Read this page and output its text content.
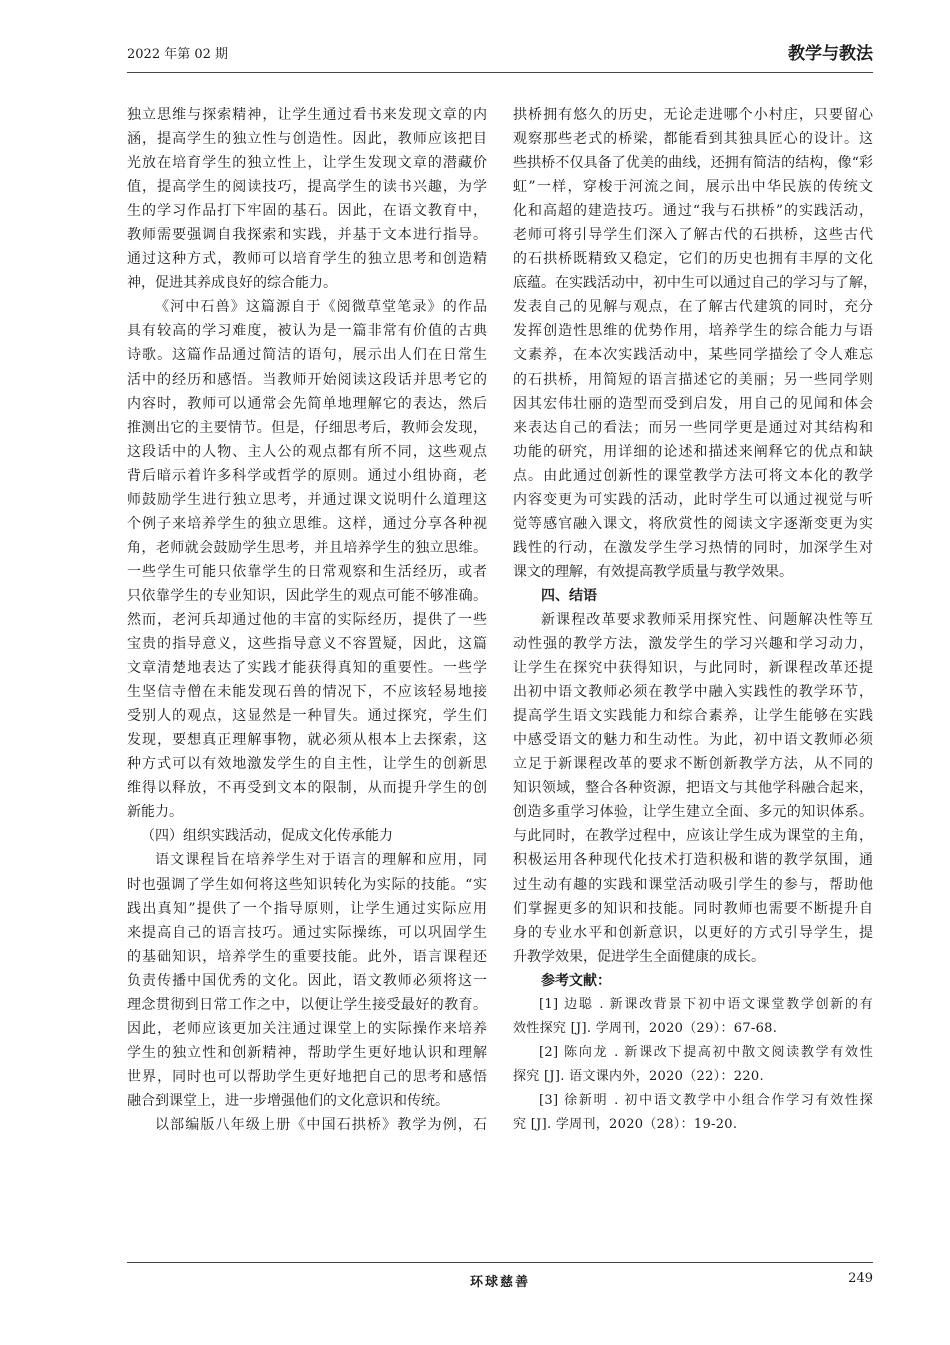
2022 年第 02 期	教学与教法
独立思维与探索精神，让学生通过看书来发现文章的内
涵，提高学生的独立性与创造性。因此，教师应该把目
光放在培育学生的独立性上，让学生发现文章的潜藏价
值，提高学生的阅读技巧，提高学生的读书兴趣，为学
生的学习作品打下牢固的基石。因此，在语文教育中，
教师需要强调自我探索和实践，并基于文本进行指导。
通过这种方式，教师可以培育学生的独立思考和创造精
神，促进其养成良好的综合能力。
《河中石兽》这篇源自于《阅微草堂笔录》的作品
具有较高的学习难度，被认为是一篇非常有价值的古典
诗歌。这篇作品通过简洁的语句，展示出人们在日常生
活中的经历和感悟。当教师开始阅读这段话并思考它的
内容时，教师可以通常会先简单地理解它的表达，然后
推测出它的主要情节。但是，仔细思考后，教师会发现，
这段话中的人物、主人公的观点都有所不同，这些观点
背后暗示着许多科学或哲学的原则。通过小组协商，老
师鼓励学生进行独立思考，并通过课文说明什么道理这
个例子来培养学生的独立思维。这样，通过分享各种视
角，老师就会鼓励学生思考，并且培养学生的独立思维。
一些学生可能只依靠学生的日常观察和生活经历，或者
只依靠学生的专业知识，因此学生的观点可能不够准确。
然而，老河兵却通过他的丰富的实际经历，提供了一些
宝贵的指导意义，这些指导意义不容置疑，因此，这篇
文章清楚地表达了实践才能获得真知的重要性。一些学
生坚信寺僧在未能发现石兽的情况下，不应该轻易地接
受别人的观点，这显然是一种冒失。通过探究，学生们
发现，要想真正理解事物，就必须从根本上去探索，这
种方式可以有效地激发学生的自主性，让学生的创新思
维得以释放，不再受到文本的限制，从而提升学生的创
新能力。
（四）组织实践活动，促成文化传承能力
语文课程旨在培养学生对于语言的理解和应用，同
时也强调了学生如何将这些知识转化为实际的技能。“实
践出真知”提供了一个指导原则，让学生通过实际应用
来提高自己的语言技巧。通过实际操练，可以巩固学生
的基础知识，培养学生的重要技能。此外，语言课程还
负责传播中国优秀的文化。因此，语文教师必须将这一
理念贯彻到日常工作之中，以便让学生接受最好的教育。
因此，老师应该更加关注通过课堂上的实际操作来培养
学生的独立性和创新精神，帮助学生更好地认识和理解
世界，同时也可以帮助学生更好地把自己的思考和感悟
融合到课堂上，进一步增强他们的文化意识和传统。
以部编版八年级上册《中国石拱桥》教学为例，石
拱桥拥有悠久的历史，无论走进哪个小村庄，只要留心
观察那些老式的桥梁，都能看到其独具匠心的设计。这
些拱桥不仅具备了优美的曲线，还拥有简洁的结构，像“彩
虹”一样，穿梭于河流之间，展示出中华民族的传统文
化和高超的建造技巧。通过“我与石拱桥”的实践活动，
老师可将引导学生们深入了解古代的石拱桥，这些古代
的石拱桥既精致又稳定，它们的历史也拥有丰厚的文化
底蕴。在实践活动中，初中生可以通过自己的学习与了解，
发表自己的见解与观点，在了解古代建筑的同时，充分
发挥创造性思维的优势作用，培养学生的综合能力与语
文素养，在本次实践活动中，某些同学描绘了令人难忘
的石拱桥，用简短的语言描述它的美丽；另一些同学则
因其宏伟壮丽的造型而受到启发，用自己的见闻和体会
来表达自己的看法；而另一些同学更是通过对其结构和
功能的研究，用详细的论述和描述来阐释它的优点和缺
点。由此通过创新性的课堂教学方法可将文本化的教学
内容变更为可实践的活动，此时学生可以通过视觉与听
觉等感官融入课文，将欣赏性的阅读文字逐渐变更为实
践性的行动，在激发学生学习热情的同时，加深学生对
课文的理解，有效提高教学质量与教学效果。
四、结语
新课程改革要求教师采用探究性、问题解决性等互
动性强的教学方法，激发学生的学习兴趣和学习动力，
让学生在探究中获得知识，与此同时，新课程改革还提
出初中语文教师必须在教学中融入实践性的教学环节，
提高学生语文实践能力和综合素养，让学生能够在实践
中感受语文的魅力和生动性。为此，初中语文教师必须
立足于新课程改革的要求不断创新教学方法，从不同的
知识领域，整合各种资源，把语文与其他学科融合起来，
创造多重学习体验，让学生建立全面、多元的知识体系。
与此同时，在教学过程中，应该让学生成为课堂的主角，
积极运用各种现代化技术打造积极和谐的教学氛围，通
过生动有趣的实践和课堂活动吸引学生的参与，帮助他
们掌握更多的知识和技能。同时教师也需要不断提升自
身的专业水平和创新意识，以更好的方式引导学生，提
升教学效果，促进学生全面健康的成长。
参考文献：
[1] 边聪 . 新课改背景下初中语文课堂教学创新的有
效性探究 [J]. 学周刊，2020（29）：67-68.
[2] 陈向龙 . 新课改下提高初中散文阅读教学有效性
探究 [J]. 语文课内外，2020（22）：220.
[3] 徐新明 . 初中语文教学中小组合作学习有效性探
究 [J]. 学周刊，2020（28）：19-20.
环球慈善	249
